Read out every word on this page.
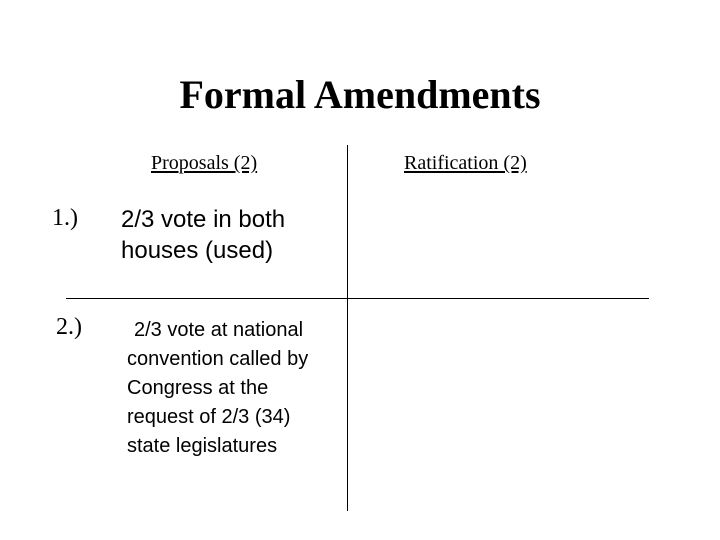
Formal Amendments
Proposals (2)	Ratification (2)
1.) 2/3 vote in both houses (used)
2.)	2/3 vote at national convention called by Congress at the request of 2/3 (34) state legislatures
